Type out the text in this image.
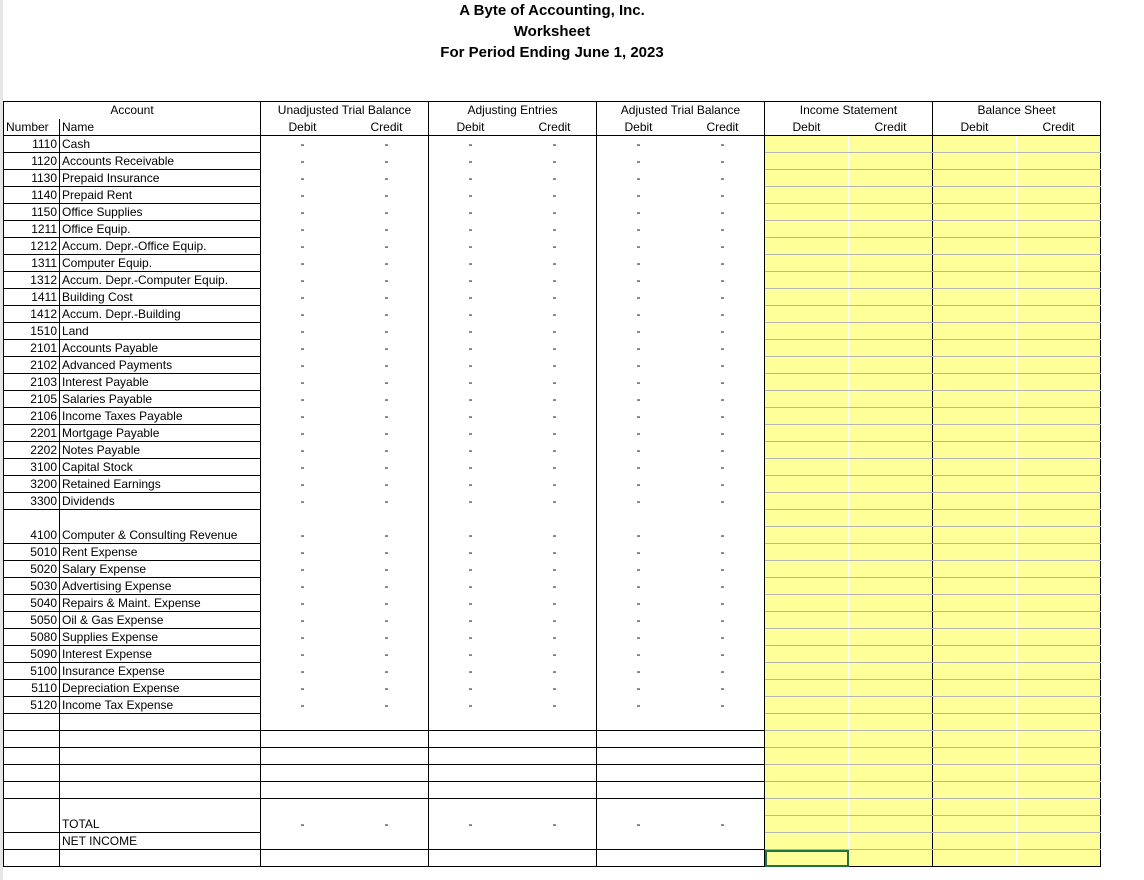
A Byte of Accounting, Inc.
Worksheet
For Period Ending June 1, 2023
Account		Unadjusted Trial Balance		Adjusting Entries		Adjusted Trial Balance		Income Statement		Balance Sheet	
Number	Name	Debit	Credit	Debit	Credit	Debit	Credit	Debit	Credit	Debit	Credit
1110	Cash	-	-	-	-	-	-				
1120	Accounts Receivable	-	-	-	-	-	-				
1130	Prepaid Insurance	-	-	-	-	-	-				
1140	Prepaid Rent	-	-	-	-	-	-				
1150	Office Supplies	-	-	-	-	-	-				
1211	Office Equip.	-	-	-	-	-	-				
1212	Accum. Depr.-Office Equip.	-	-	-	-	-	-				
1311	Computer Equip.	-	-	-	-	-	-				
1312	Accum. Depr.-Computer Equip.	-	-	-	-	-	-				
1411	Building Cost	-	-	-	-	-	-				
1412	Accum. Depr.-Building	-	-	-	-	-	-				
1510	Land	-	-	-	-	-	-				
2101	Accounts Payable	-	-	-	-	-	-				
2102	Advanced Payments	-	-	-	-	-	-				
2103	Interest Payable	-	-	-	-	-	-				
2105	Salaries Payable	-	-	-	-	-	-				
2106	Income Taxes Payable	-	-	-	-	-	-				
2201	Mortgage Payable	-	-	-	-	-	-				
2202	Notes Payable	-	-	-	-	-	-				
3100	Capital Stock	-	-	-	-	-	-				
3200	Retained Earnings	-	-	-	-	-	-				
3300	Dividends	-	-	-	-	-	-				

4100	Computer & Consulting Revenue	-	-	-	-	-	-				
5010	Rent Expense	-	-	-	-	-	-				
5020	Salary Expense	-	-	-	-	-	-				
5030	Advertising Expense	-	-	-	-	-	-				
5040	Repairs & Maint. Expense	-	-	-	-	-	-				
5050	Oil & Gas Expense	-	-	-	-	-	-				
5080	Supplies Expense	-	-	-	-	-	-				
5090	Interest Expense	-	-	-	-	-	-				
5100	Insurance Expense	-	-	-	-	-	-				
5110	Depreciation Expense	-	-	-	-	-	-				
5120	Income Tax Expense	-	-	-	-	-	-				

	TOTAL	-	-	-	-	-	-				
	NET INCOME										
